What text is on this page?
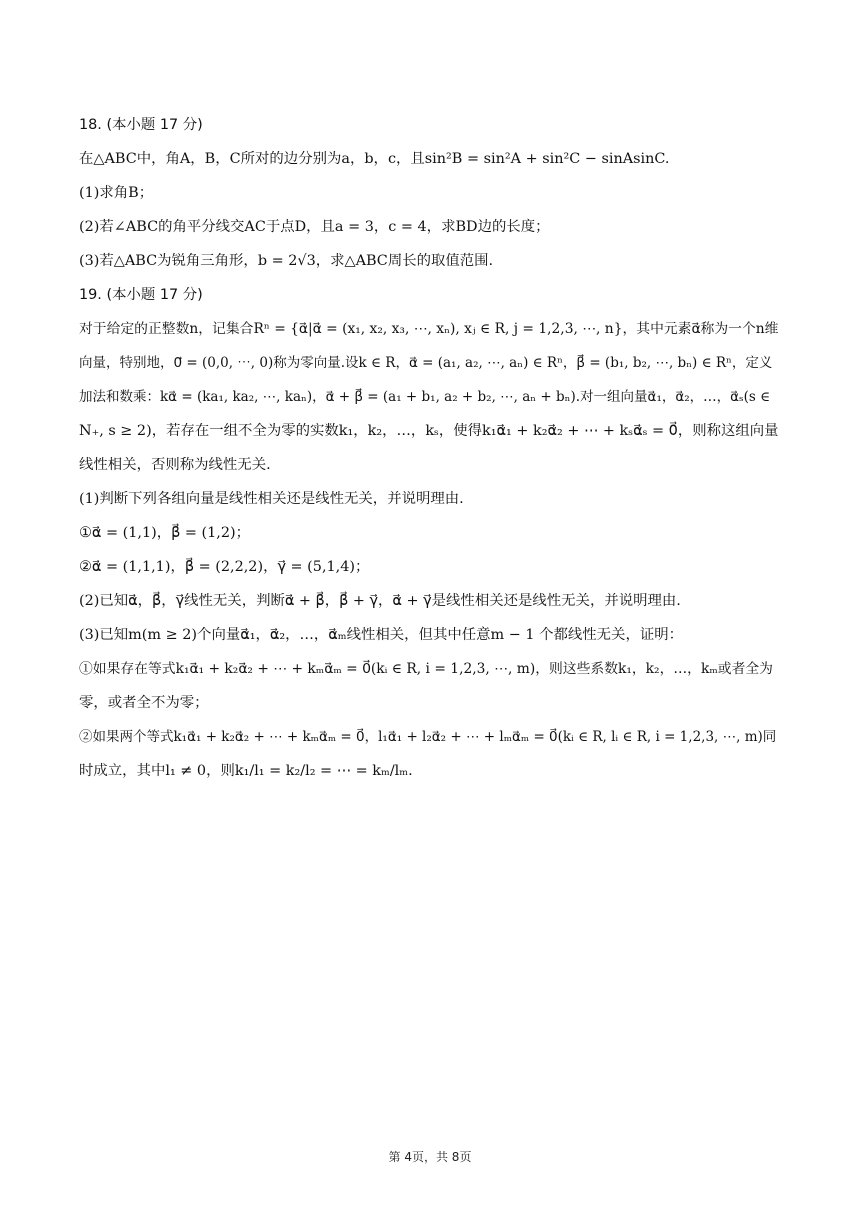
18. (本小题 17 分)
在△ABC中，角A，B，C所对的边分别为a，b，c，且sin²B = sin²A + sin²C − sinAsinC.
(1)求角B；
(2)若∠ABC的角平分线交AC于点D，且a = 3，c = 4，求BD边的长度；
(3)若△ABC为锐角三角形，b = 2√3，求△ABC周长的取值范围.
19. (本小题 17 分)
对于给定的正整数n，记集合Rⁿ = {α⃗|α⃗ = (x₁, x₂, x₃, ⋯, xₙ), xⱼ ∈ R, j = 1,2,3, ⋯, n}，其中元素α⃗称为一个n维
向量，特别地，0⃗ = (0,0, ⋯, 0)称为零向量.设k ∈ R，α⃗ = (a₁, a₂, ⋯, aₙ) ∈ Rⁿ，β⃗ = (b₁, b₂, ⋯, bₙ) ∈ Rⁿ，定义
加法和数乘：kα⃗ = (ka₁, ka₂, ⋯, kaₙ)，α⃗ + β⃗ = (a₁ + b₁, a₂ + b₂, ⋯, aₙ + bₙ).对一组向量α⃗₁，α⃗₂，…，α⃗ₛ(s ∈
N₊, s ≥ 2)，若存在一组不全为零的实数k₁，k₂，…，kₛ，使得k₁α⃗₁ + k₂α⃗₂ + ⋯ + kₛα⃗ₛ = 0⃗，则称这组向量
线性相关，否则称为线性无关.
(1)判断下列各组向量是线性相关还是线性无关，并说明理由.
①α⃗ = (1,1)，β⃗ = (1,2)；
②α⃗ = (1,1,1)，β⃗ = (2,2,2)，γ⃗ = (5,1,4)；
(2)已知α⃗，β⃗，γ⃗线性无关，判断α⃗ + β⃗，β⃗ + γ⃗，α⃗ + γ⃗是线性相关还是线性无关，并说明理由.
(3)已知m(m ≥ 2)个向量α⃗₁，α⃗₂，…，α⃗ₘ线性相关，但其中任意m − 1 个都线性无关，证明：
①如果存在等式k₁α⃗₁ + k₂α⃗₂ + ⋯ + kₘα⃗ₘ = 0⃗(kᵢ ∈ R, i = 1,2,3, ⋯, m)，则这些系数k₁，k₂，…，kₘ或者全为
零，或者全不为零；
②如果两个等式k₁α⃗₁ + k₂α⃗₂ + ⋯ + kₘα⃗ₘ = 0⃗，l₁α⃗₁ + l₂α⃗₂ + ⋯ + lₘα⃗ₘ = 0⃗(kᵢ ∈ R, lᵢ ∈ R, i = 1,2,3, ⋯, m)同
时成立，其中l₁ ≠ 0，则k₁/l₁ = k₂/l₂ = ⋯ = kₘ/lₘ.
第 4页，共 8页
